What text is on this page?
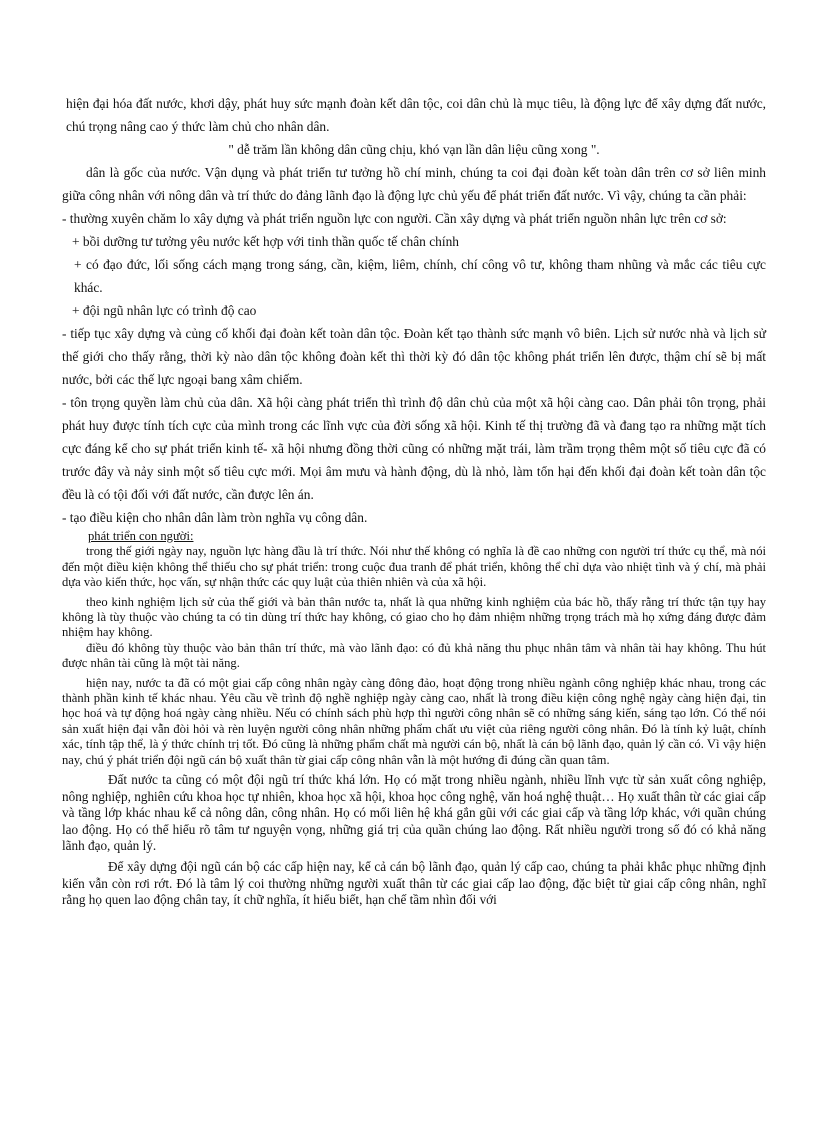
hiện đại hóa đất nước, khơi dậy, phát huy sức mạnh đoàn kết dân tộc, coi dân chủ là mục tiêu, là động lực để xây dựng đất nước, chú trọng nâng cao ý thức làm chủ cho nhân dân.

" dễ trăm lần không dân cũng chịu, khó vạn lần dân liệu cũng xong ".

dân là gốc của nước. Vận dụng và phát triển tư tưởng hồ chí minh, chúng ta coi đại đoàn kết toàn dân trên cơ sở liên minh giữa công nhân với nông dân và trí thức do đảng lãnh đạo là động lực chủ yếu để phát triển đất nước. Vì vậy, chúng ta cần phải:

- thường xuyên chăm lo xây dựng và phát triển nguồn lực con người. Cần xây dựng và phát triển nguồn nhân lực trên cơ sở:

+ bồi dưỡng tư tưởng yêu nước kết hợp với tinh thần quốc tế chân chính

+ có đạo đức, lối sống cách mạng trong sáng, cần, kiệm, liêm, chính, chí công vô tư, không tham nhũng và mắc các tiêu cực khác.

+ đội ngũ nhân lực có trình độ cao

- tiếp tục xây dựng và củng cố khối đại đoàn kết toàn dân tộc. Đoàn kết tạo thành sức mạnh vô biên. Lịch sử nước nhà và lịch sử thế giới cho thấy rằng, thời kỳ nào dân tộc không đoàn kết thì thời kỳ đó dân tộc không phát triển lên được, thậm chí sẽ bị mất nước, bởi các thế lực ngoại bang xâm chiếm.

- tôn trọng quyền làm chủ của dân. Xã hội càng phát triển thì trình độ dân chủ của một xã hội càng cao. Dân phải tôn trọng, phải phát huy được tính tích cực của mình trong các lĩnh vực của đời sống xã hội. Kinh tế thị trường đã và đang tạo ra những mặt tích cực đáng kể cho sự phát triển kinh tế- xã hội nhưng đồng thời cũng có những mặt trái, làm trầm trọng thêm một số tiêu cực đã có trước đây và nảy sinh một số tiêu cực mới. Mọi âm mưu và hành động, dù là nhỏ, làm tổn hại đến khối đại đoàn kết toàn dân tộc đều là có tội đối với đất nước, cần được lên án.

- tạo điều kiện cho nhân dân làm tròn nghĩa vụ công dân.

phát triển con người:

trong thế giới ngày nay, nguồn lực hàng đầu là trí thức. Nói như thế không có nghĩa là đề cao những con người trí thức cụ thể, mà nói đến một điều kiện không thể thiếu cho sự phát triển: trong cuộc đua tranh để phát triển, không thể chỉ dựa vào nhiệt tình và ý chí, mà phải dựa vào kiến thức, học vấn, sự nhận thức các quy luật của thiên nhiên và của xã hội.

theo kinh nghiệm lịch sử của thế giới và bản thân nước ta, nhất là qua những kinh nghiệm của bác hồ, thấy rằng trí thức tận tụy hay không là tùy thuộc vào chúng ta có tin dùng trí thức hay không, có giao cho họ đảm nhiệm những trọng trách mà họ xứng đáng được đảm nhiệm hay không.

điều đó không tùy thuộc vào bản thân trí thức, mà vào lãnh đạo: có đủ khả năng thu phục nhân tâm và nhân tài hay không. Thu hút được nhân tài cũng là một tài năng.

hiện nay, nước ta đã có một giai cấp công nhân ngày càng đông đảo, hoạt động trong nhiều ngành công nghiệp khác nhau, trong các thành phần kinh tế khác nhau. Yêu cầu về trình độ nghề nghiệp ngày càng cao, nhất là trong điều kiện công nghệ ngày càng hiện đại, tin học hoá và tự động hoá ngày càng nhiều. Nếu có chính sách phù hợp thì người công nhân sẽ có những sáng kiến, sáng tạo lớn. Có thể nói sản xuất hiện đại vẫn đòi hỏi và rèn luyện người công nhân những phẩm chất ưu việt của riêng người công nhân. Đó là tính kỷ luật, chính xác, tính tập thể, là ý thức chính trị tốt. Đó cũng là những phẩm chất mà người cán bộ, nhất là cán bộ lãnh đạo, quản lý cần có. Vì vậy hiện nay, chú ý phát triển đội ngũ cán bộ xuất thân từ giai cấp công nhân vẫn là một hướng đi đúng cần quan tâm.

Đất nước ta cũng có một đội ngũ trí thức khá lớn. Họ có mặt trong nhiều ngành, nhiều lĩnh vực từ sản xuất công nghiệp, nông nghiệp, nghiên cứu khoa học tự nhiên, khoa học xã hội, khoa học công nghệ, văn hoá nghệ thuật… Họ xuất thân từ các giai cấp và tầng lớp khác nhau kể cả nông dân, công nhân. Họ có mối liên hệ khá gắn gũi với các giai cấp và tầng lớp khác, với quần chúng lao động. Họ có thể hiểu rõ tâm tư nguyện vọng, những giá trị của quần chúng lao động. Rất nhiều người trong số đó có khả năng lãnh đạo, quản lý.

Để xây dựng đội ngũ cán bộ các cấp hiện nay, kể cả cán bộ lãnh đạo, quản lý cấp cao, chúng ta phải khắc phục những định kiến vẫn còn rơi rớt. Đó là tâm lý coi thường những người xuất thân từ các giai cấp lao động, đặc biệt từ giai cấp công nhân, nghĩ rằng họ quen lao động chân tay, ít chữ nghĩa, ít hiểu biết, hạn chế tầm nhìn đối với
